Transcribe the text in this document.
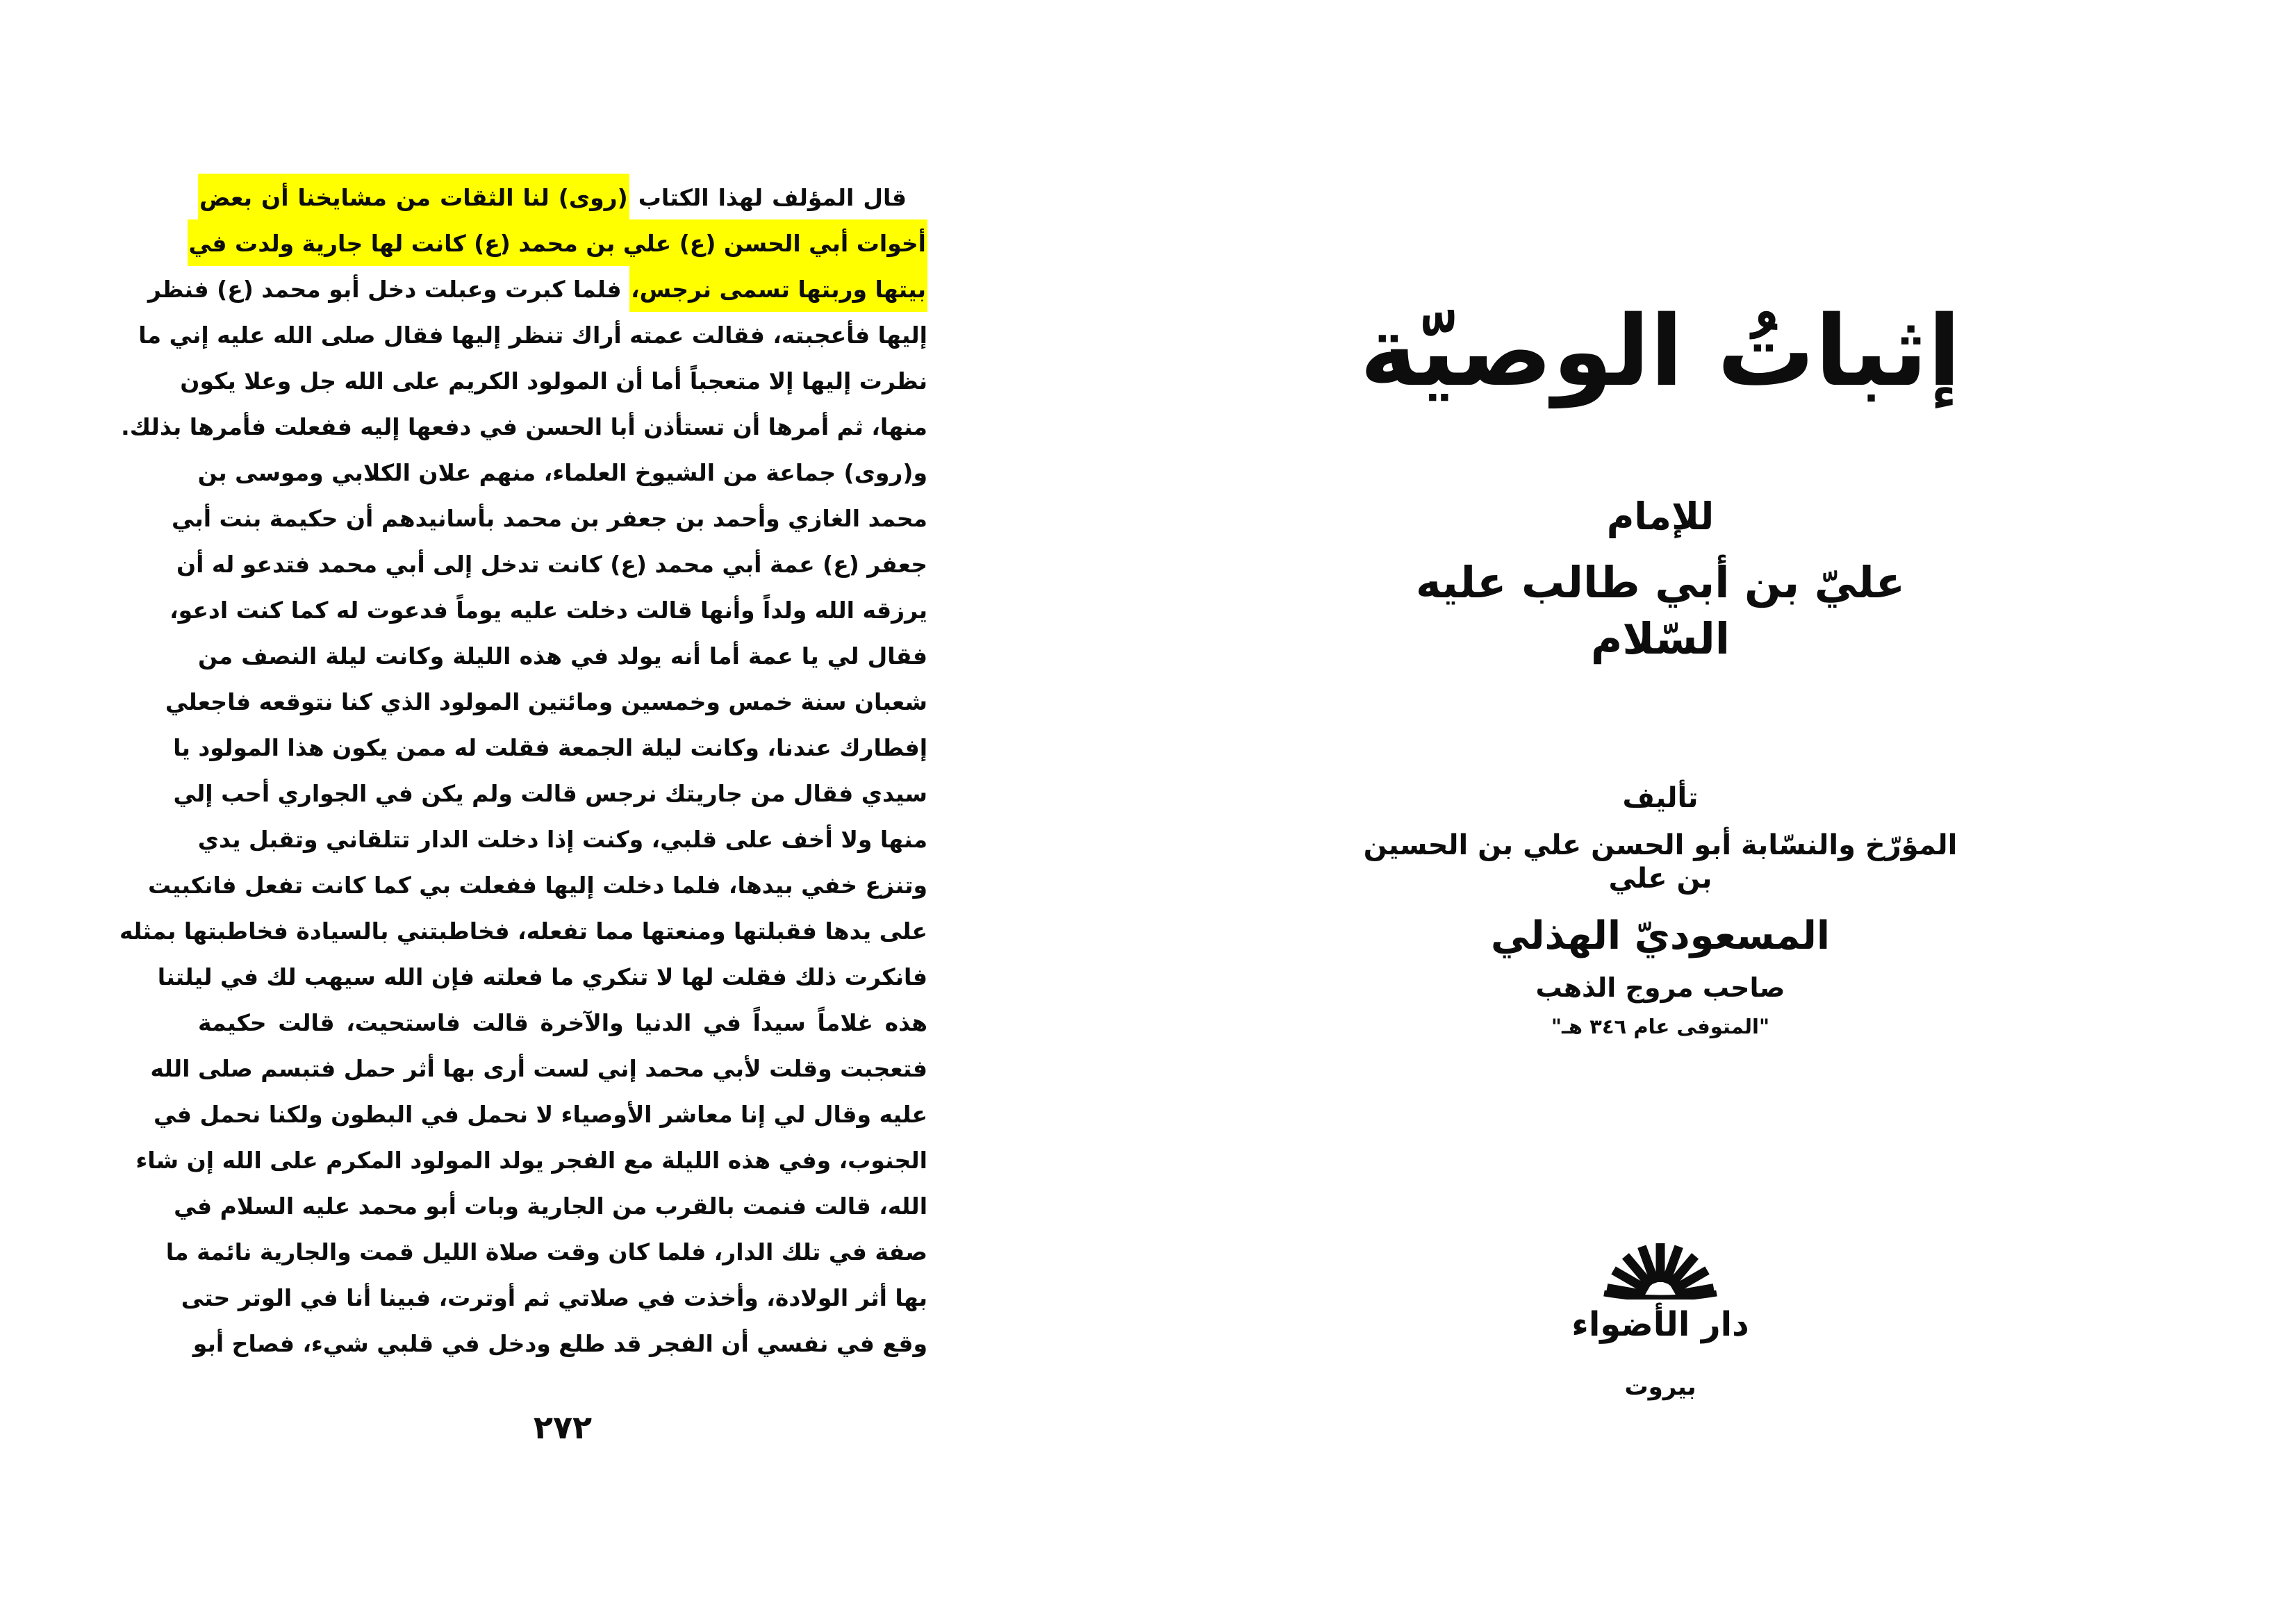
قال المؤلف لهذا الكتاب (روى) لنا الثقات من مشايخنا أن بعض
أخوات أبي الحسن (ع) علي بن محمد (ع) كانت لها جارية ولدت في
بيتها وربتها تسمى نرجس، فلما كبرت وعبلت دخل أبو محمد (ع) فنظر
إليها فأعجبته، فقالت عمته أراك تنظر إليها فقال صلى الله عليه إني ما
نظرت إليها إلا متعجباً أما أن المولود الكريم على الله جل وعلا يكون
منها، ثم أمرها أن تستأذن أبا الحسن في دفعها إليه ففعلت فأمرها بذلك.
و(روى) جماعة من الشيوخ العلماء، منهم علان الكلابي وموسى بن
محمد الغازي وأحمد بن جعفر بن محمد بأسانيدهم أن حكيمة بنت أبي
جعفر (ع) عمة أبي محمد (ع) كانت تدخل إلى أبي محمد فتدعو له أن
يرزقه الله ولداً وأنها قالت دخلت عليه يوماً فدعوت له كما كنت ادعو،
فقال لي يا عمة أما أنه يولد في هذه الليلة وكانت ليلة النصف من
شعبان سنة خمس وخمسين ومائتين المولود الذي كنا نتوقعه فاجعلي
إفطارك عندنا، وكانت ليلة الجمعة فقلت له ممن يكون هذا المولود يا
سيدي فقال من جاريتك نرجس قالت ولم يكن في الجواري أحب إلي
منها ولا أخف على قلبي، وكنت إذا دخلت الدار تتلقاني وتقبل يدي
وتنزع خفي بيدها، فلما دخلت إليها ففعلت بي كما كانت تفعل فانكبيت
على يدها فقبلتها ومنعتها مما تفعله، فخاطبتني بالسيادة فخاطبتها بمثله
فانكرت ذلك فقلت لها لا تنكري ما فعلته فإن الله سيهب لك في ليلتنا
هذه غلاماً سيداً في الدنيا والآخرة قالت فاستحيت، قالت حكيمة
فتعجبت وقلت لأبي محمد إني لست أرى بها أثر حمل فتبسم صلى الله
عليه وقال لي إنا معاشر الأوصياء لا نحمل في البطون ولكنا نحمل في
الجنوب، وفي هذه الليلة مع الفجر يولد المولود المكرم على الله إن شاء
الله، قالت فنمت بالقرب من الجارية وبات أبو محمد عليه السلام في
صفة في تلك الدار، فلما كان وقت صلاة الليل قمت والجارية نائمة ما
بها أثر الولادة، وأخذت في صلاتي ثم أوترت، فبينا أنا في الوتر حتى
وقع في نفسي أن الفجر قد طلع ودخل في قلبي شيء، فصاح أبو
٢٧٢
إثباتُ الوصيّة
للإمام
عليّ بن أبي طالب عليه السّلام
تأليف
المؤرّخ والنسّابة أبو الحسن علي بن الحسين بن علي
المسعوديّ الهذلي
صاحب مروج الذهب
"المتوفى عام ٣٤٦ هـ"
دار الأضواء
بيروت
